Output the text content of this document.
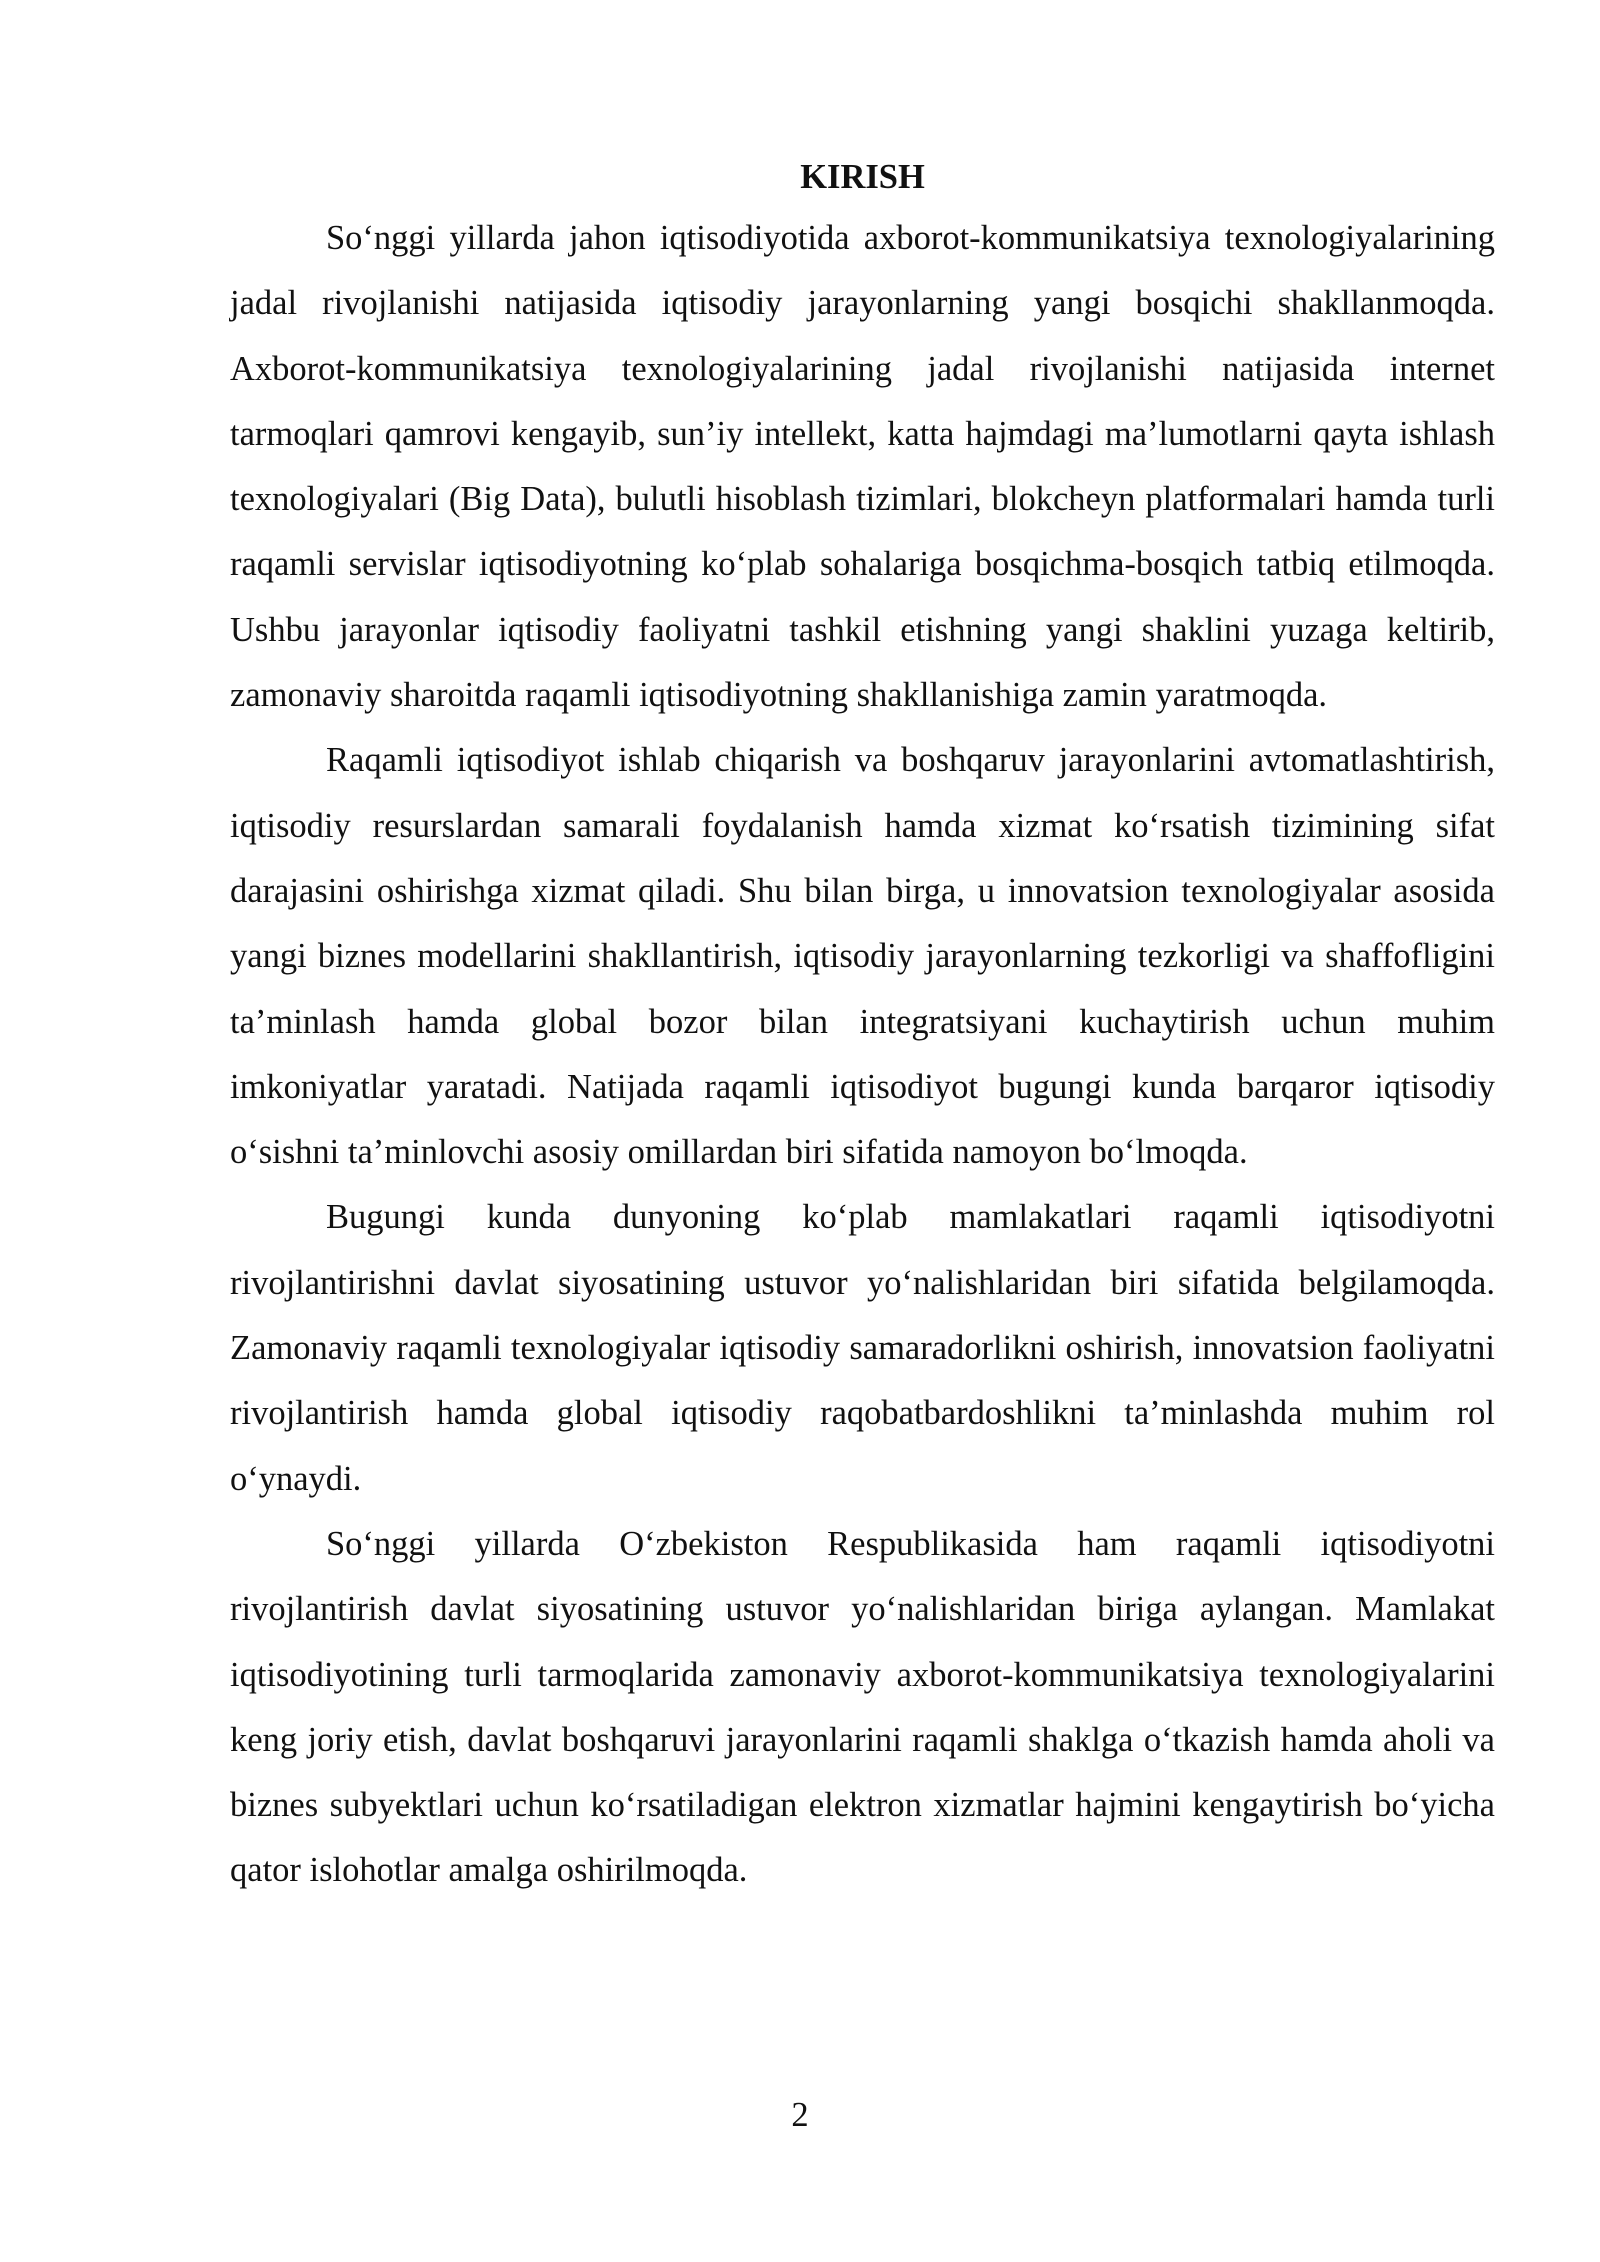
KIRISH

So‘nggi yillarda jahon iqtisodiyotida axborot-kommunikatsiya texnologiyalarining jadal rivojlanishi natijasida iqtisodiy jarayonlarning yangi bosqichi shakllanmoqda. Axborot-kommunikatsiya texnologiyalarining jadal rivojlanishi natijasida internet tarmoqlari qamrovi kengayib, sun’iy intellekt, katta hajmdagi ma’lumotlarni qayta ishlash texnologiyalari (Big Data), bulutli hisoblash tizimlari, blokcheyn platformalari hamda turli raqamli servislar iqtisodiyotning ko‘plab sohalariga bosqichma-bosqich tatbiq etilmoqda. Ushbu jarayonlar iqtisodiy faoliyatni tashkil etishning yangi shaklini yuzaga keltirib, zamonaviy sharoitda raqamli iqtisodiyotning shakllanishiga zamin yaratmoqda.

Raqamli iqtisodiyot ishlab chiqarish va boshqaruv jarayonlarini avtomatlashtirish, iqtisodiy resurslardan samarali foydalanish hamda xizmat ko‘rsatish tizimining sifat darajasini oshirishga xizmat qiladi. Shu bilan birga, u innovatsion texnologiyalar asosida yangi biznes modellarini shakllantirish, iqtisodiy jarayonlarning tezkorligi va shaffofligini ta’minlash hamda global bozor bilan integratsiyani kuchaytirish uchun muhim imkoniyatlar yaratadi. Natijada raqamli iqtisodiyot bugungi kunda barqaror iqtisodiy o‘sishni ta’minlovchi asosiy omillardan biri sifatida namoyon bo‘lmoqda.

Bugungi kunda dunyoning ko‘plab mamlakatlari raqamli iqtisodiyotni rivojlantirishni davlat siyosatining ustuvor yo‘nalishlaridan biri sifatida belgilamoqda. Zamonaviy raqamli texnologiyalar iqtisodiy samaradorlikni oshirish, innovatsion faoliyatni rivojlantirish hamda global iqtisodiy raqobatbardoshlikni ta’minlashda muhim rol o‘ynaydi.

So‘nggi yillarda O‘zbekiston Respublikasida ham raqamli iqtisodiyotni rivojlantirish davlat siyosatining ustuvor yo‘nalishlaridan biriga aylangan. Mamlakat iqtisodiyotining turli tarmoqlarida zamonaviy axborot-kommunikatsiya texnologiyalarini keng joriy etish, davlat boshqaruvi jarayonlarini raqamli shaklga o‘tkazish hamda aholi va biznes subyektlari uchun ko‘rsatiladigan elektron xizmatlar hajmini kengaytirish bo‘yicha qator islohotlar amalga oshirilmoqda.

2
